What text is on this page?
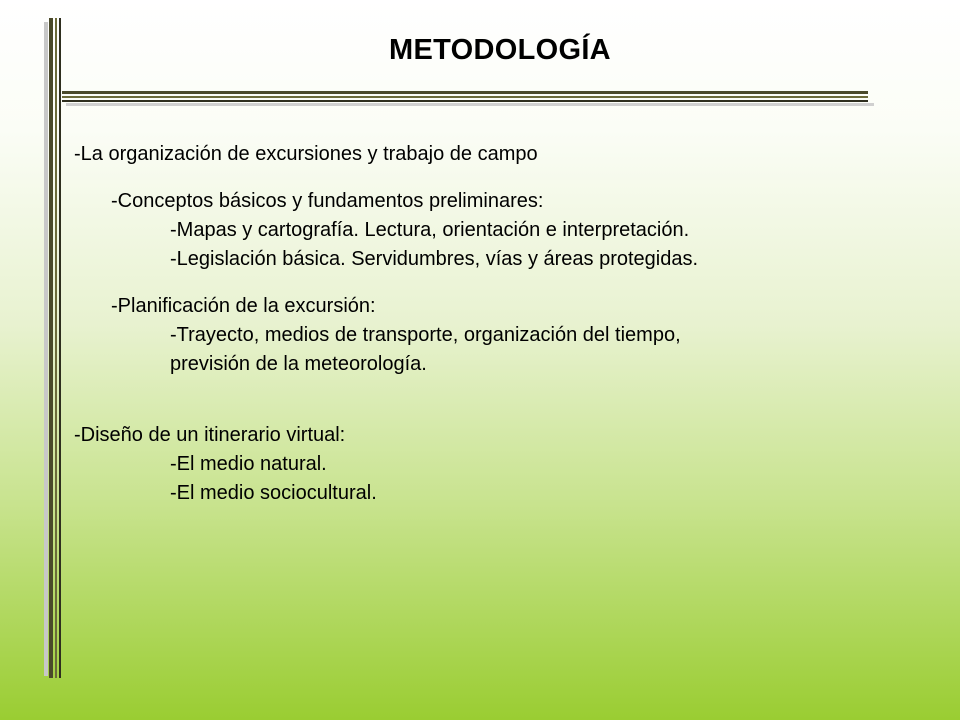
METODOLOGÍA
-La organización de excursiones y trabajo de campo
-Conceptos básicos y fundamentos preliminares:
-Mapas y cartografía. Lectura, orientación e interpretación.
-Legislación básica. Servidumbres, vías y áreas protegidas.
-Planificación de la excursión:
-Trayecto, medios de transporte, organización del tiempo,
previsión de la meteorología.
-Diseño de un itinerario virtual:
-El medio natural.
-El medio sociocultural.
